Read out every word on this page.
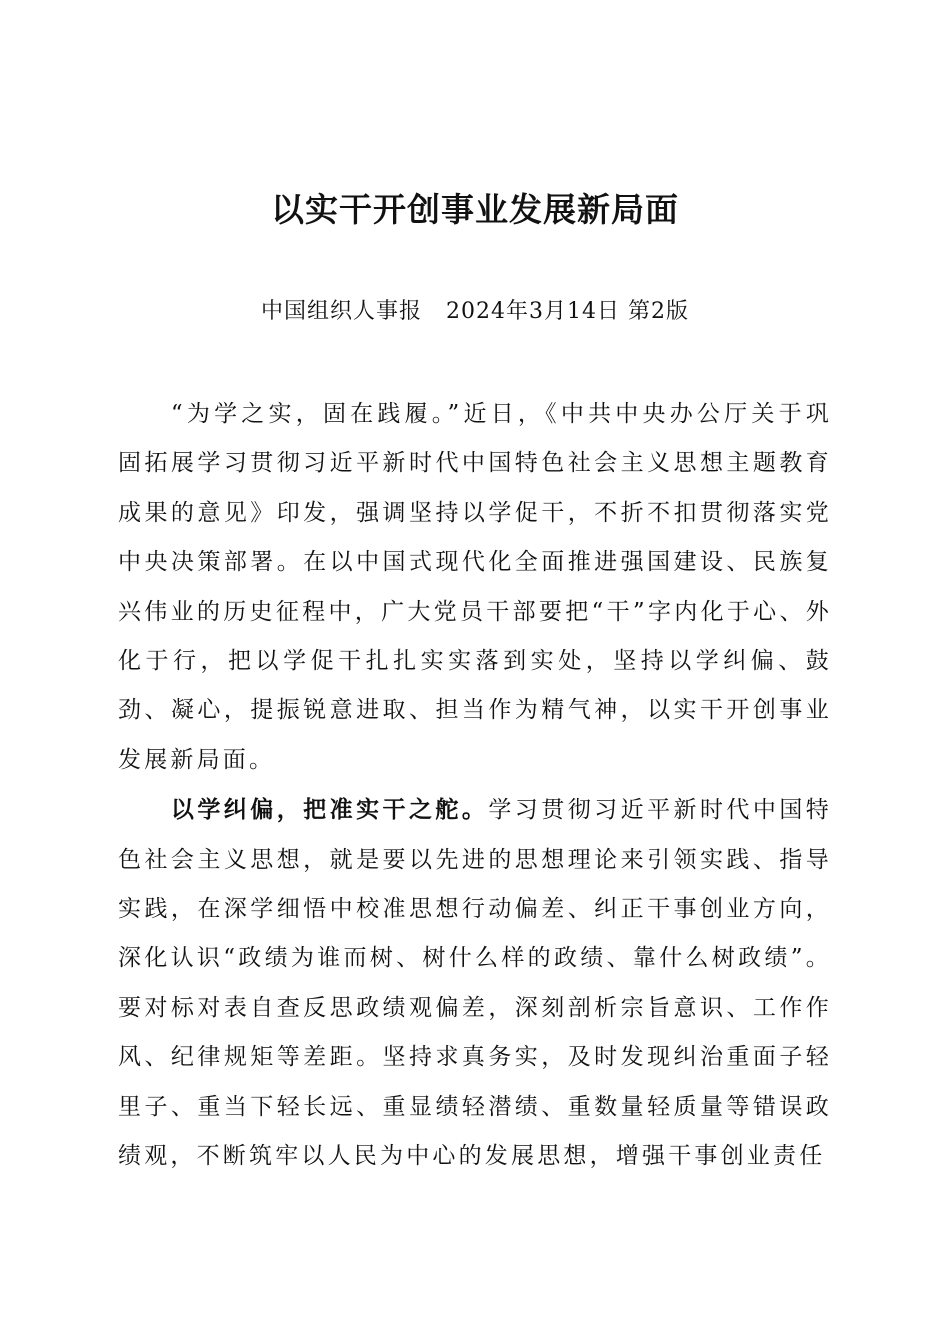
以实干开创事业发展新局面
中国组织人事报 2024年3月14日 第2版

“为学之实，固在践履。”近日，《中共中央办公厅关于巩固拓展学习贯彻习近平新时代中国特色社会主义思想主题教育成果的意见》印发，强调坚持以学促干，不折不扣贯彻落实党中央决策部署。在以中国式现代化全面推进强国建设、民族复兴伟业的历史征程中，广大党员干部要把“干”字内化于心、外化于行，把以学促干扎扎实实落到实处，坚持以学纠偏、鼓劲、凝心，提振锐意进取、担当作为精气神，以实干开创事业发展新局面。

以学纠偏，把准实干之舵。学习贯彻习近平新时代中国特色社会主义思想，就是要以先进的思想理论来引领实践、指导实践，在深学细悟中校准思想行动偏差、纠正干事创业方向，深化认识“政绩为谁而树、树什么样的政绩、靠什么树政绩”。要对标对表自查反思政绩观偏差，深刻剖析宗旨意识、工作作风、纪律规矩等差距。坚持求真务实，及时发现纠治重面子轻里子、重当下轻长远、重显绩轻潜绩、重数量轻质量等错误政绩观，不断筑牢以人民为中心的发展思想，增强干事创业责任
